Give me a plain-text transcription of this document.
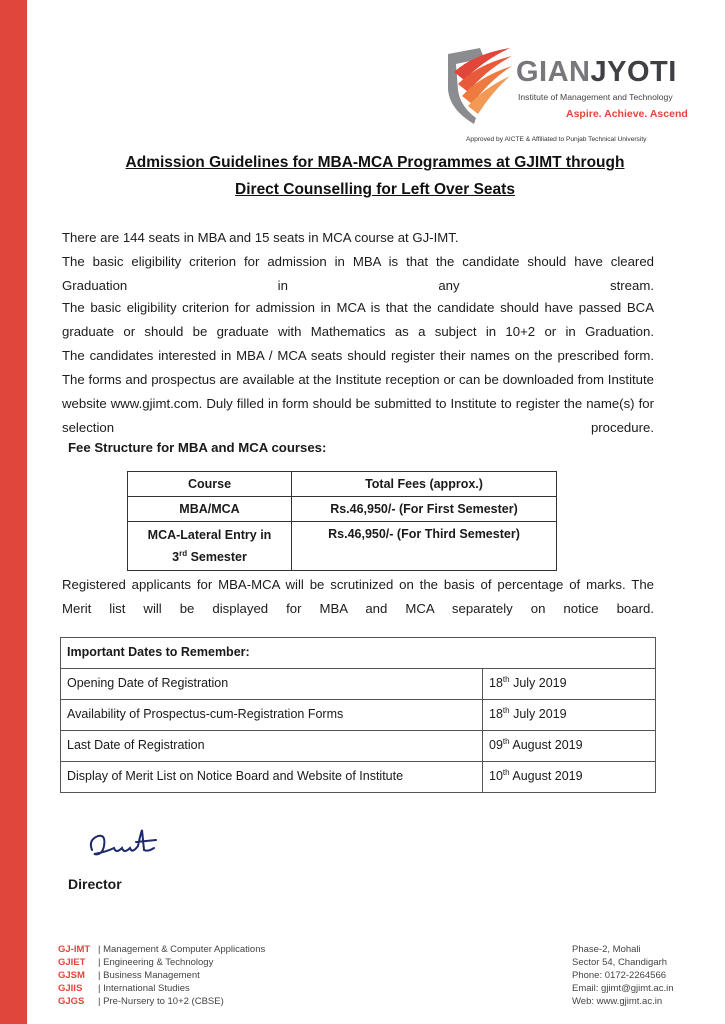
GIANJYOTI
Institute of Management and Technology
Aspire. Achieve. Ascend
Approved by AICTE & Affiliated to Punjab Technical University
Admission Guidelines for MBA-MCA Programmes at GJIMT through
Direct Counselling for Left Over Seats
There are 144 seats in MBA and 15 seats in MCA course at GJ-IMT.
The basic eligibility criterion for admission in MBA is that the candidate should have cleared Graduation in any stream.
The basic eligibility criterion for admission in MCA is that the candidate should have passed BCA graduate or should be graduate with Mathematics as a subject in 10+2 or in Graduation.
The candidates interested in MBA / MCA seats should register their names on the prescribed form. The forms and prospectus are available at the Institute reception or can be downloaded from Institute website www.gjimt.com. Duly filled in form should be submitted to Institute to register the name(s) for selection procedure.
Fee Structure for MBA and MCA courses:
Course	Total Fees (approx.)
MBA/MCA	Rs.46,950/- (For First Semester)
MCA-Lateral Entry in
3rd Semester	Rs.46,950/- (For Third Semester)
Registered applicants for MBA-MCA will be scrutinized on the basis of percentage of marks. The Merit list will be displayed for MBA and MCA separately on notice board.
Important Dates to Remember:	
Opening Date of Registration	18th July 2019
Availability of Prospectus-cum-Registration Forms	18th July 2019
Last Date of Registration	09th August 2019
Display of Merit List on Notice Board and Website of Institute	10th August 2019
Director
GJ-IMT | Management & Computer Applications
GJIET | Engineering & Technology
GJSM | Business Management
GJIIS | International Studies
GJGS | Pre-Nursery to 10+2 (CBSE)
Phase-2, Mohali
Sector 54, Chandigarh
Phone: 0172-2264566
Email: gjimt@gjimt.ac.in
Web: www.gjimt.ac.in
